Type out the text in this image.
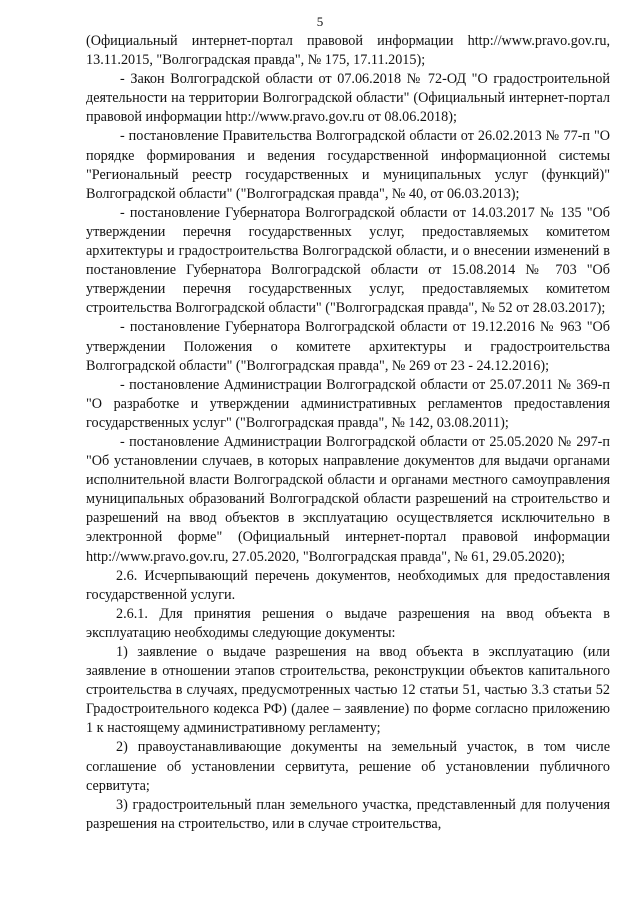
5

(Официальный интернет-портал правовой информации http://www.pravo.gov.ru, 13.11.2015, "Волгоградская правда", № 175, 17.11.2015);

- Закон Волгоградской области от 07.06.2018 № 72-ОД "О градостроительной деятельности на территории Волгоградской области" (Официальный интернет-портал правовой информации http://www.pravo.gov.ru от 08.06.2018);

- постановление Правительства Волгоградской области от 26.02.2013 № 77-п "О порядке формирования и ведения государственной информационной системы "Региональный реестр государственных и муниципальных услуг (функций)" Волгоградской области" ("Волгоградская правда", № 40, от 06.03.2013);

- постановление Губернатора Волгоградской области от 14.03.2017 № 135 "Об утверждении перечня государственных услуг, предоставляемых комитетом архитектуры и градостроительства Волгоградской области, и о внесении изменений в постановление Губернатора Волгоградской области от 15.08.2014 № 703 "Об утверждении перечня государственных услуг, предоставляемых комитетом строительства Волгоградской области" ("Волгоградская правда", № 52 от 28.03.2017);

- постановление Губернатора Волгоградской области от 19.12.2016 № 963 "Об утверждении Положения о комитете архитектуры и градостроительства Волгоградской области" ("Волгоградская правда", № 269 от 23 - 24.12.2016);

- постановление Администрации Волгоградской области от 25.07.2011 № 369-п "О разработке и утверждении административных регламентов предоставления государственных услуг" ("Волгоградская правда", № 142, 03.08.2011);

- постановление Администрации Волгоградской области от 25.05.2020 № 297-п "Об установлении случаев, в которых направление документов для выдачи органами исполнительной власти Волгоградской области и органами местного самоуправления муниципальных образований Волгоградской области разрешений на строительство и разрешений на ввод объектов в эксплуатацию осуществляется исключительно в электронной форме" (Официальный интернет-портал правовой информации http://www.pravo.gov.ru, 27.05.2020, "Волгоградская правда", № 61, 29.05.2020);

2.6. Исчерпывающий перечень документов, необходимых для предоставления государственной услуги.

2.6.1. Для принятия решения о выдаче разрешения на ввод объекта в эксплуатацию необходимы следующие документы:

1) заявление о выдаче разрешения на ввод объекта в эксплуатацию (или заявление в отношении этапов строительства, реконструкции объектов капитального строительства в случаях, предусмотренных частью 12 статьи 51, частью 3.3 статьи 52 Градостроительного кодекса РФ) (далее – заявление) по форме согласно приложению 1 к настоящему административному регламенту;

2) правоустанавливающие документы на земельный участок, в том числе соглашение об установлении сервитута, решение об установлении публичного сервитута;

3) градостроительный план земельного участка, представленный для получения разрешения на строительство, или в случае строительства,
